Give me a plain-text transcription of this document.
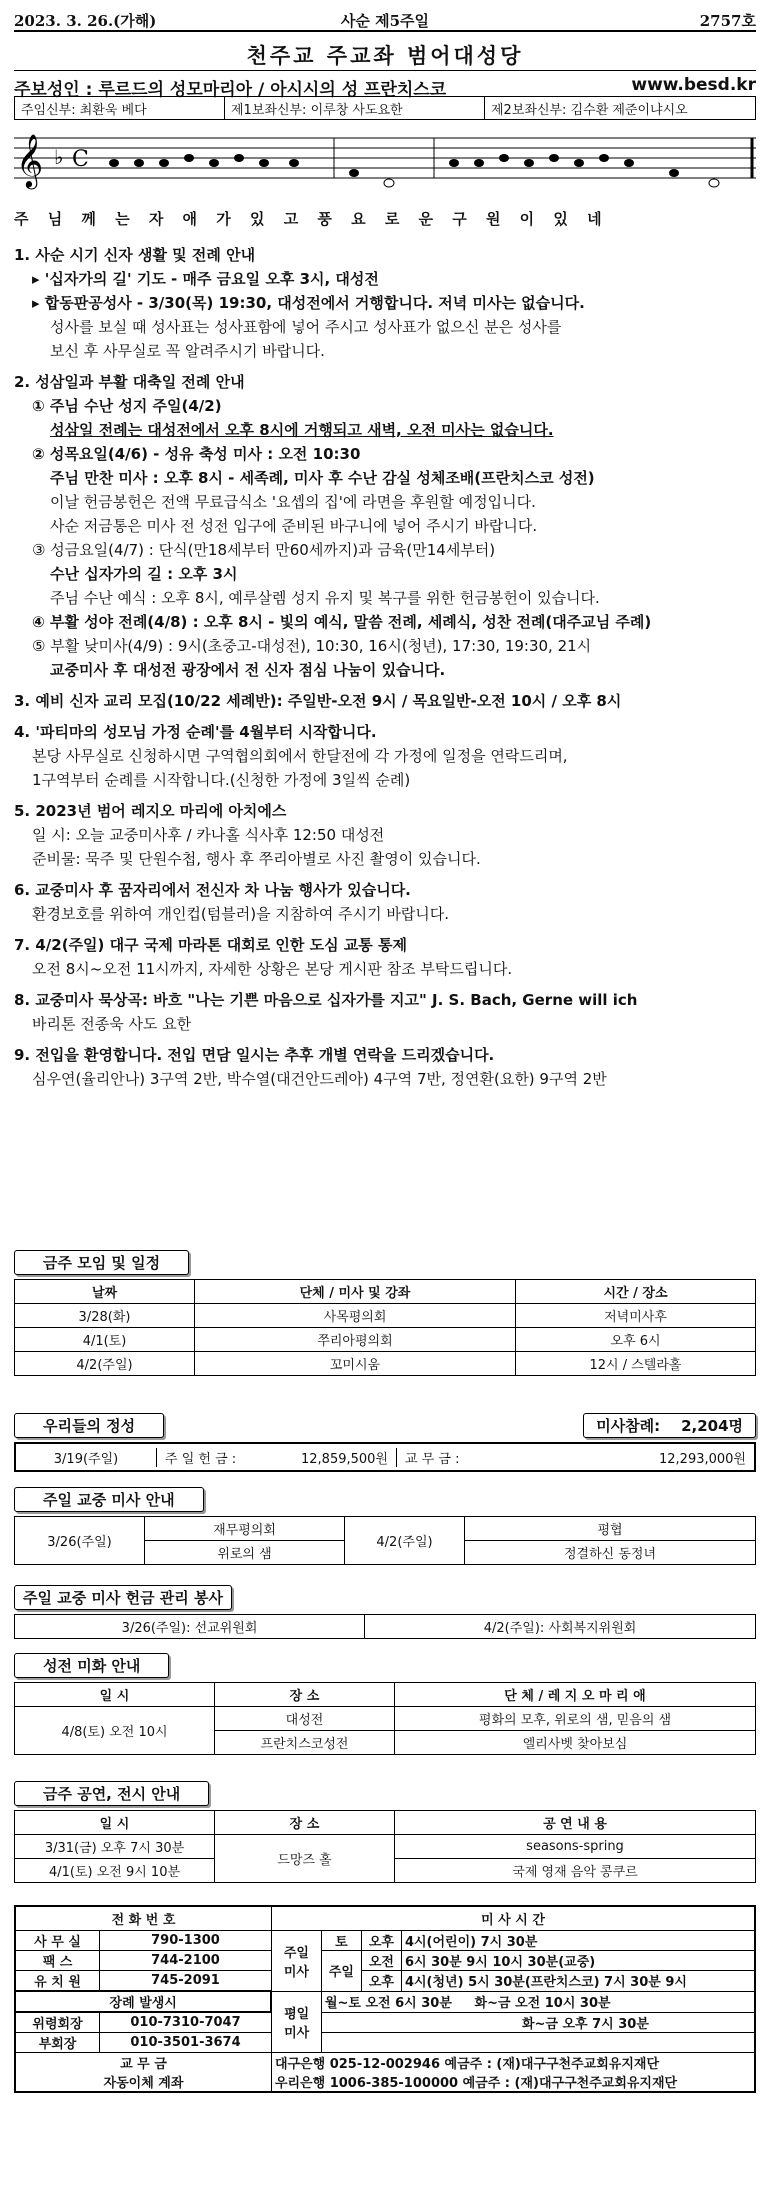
2023. 3. 26.(가해)	사순 제5주일	2757호
천주교 주교좌 범어대성당
주보성인 : 루르드의 성모마리아 / 아시시의 성 프란치스코	www.besd.kr
주임신부: 최환욱 베다	제1보좌신부: 이루창 사도요한	제2보좌신부: 김수환 제준이냐시오
𝄞 ♭ C
주 님 께 는 자 애 가 있 고 풍 요 로 운 구 원 이 있 네
1. 사순 시기 신자 생활 및 전례 안내
▸ '십자가의 길' 기도 - 매주 금요일 오후 3시, 대성전
▸ 합동판공성사 - 3/30(목) 19:30, 대성전에서 거행합니다. 저녁 미사는 없습니다.
성사를 보실 때 성사표는 성사표함에 넣어 주시고 성사표가 없으신 분은 성사를
보신 후 사무실로 꼭 알려주시기 바랍니다.
2. 성삼일과 부활 대축일 전례 안내
① 주님 수난 성지 주일(4/2)
성삼일 전례는 대성전에서 오후 8시에 거행되고 새벽, 오전 미사는 없습니다.
② 성목요일(4/6) - 성유 축성 미사 : 오전 10:30
주님 만찬 미사 : 오후 8시 - 세족례, 미사 후 수난 감실 성체조배(프란치스코 성전)
이날 헌금봉헌은 전액 무료급식소 '요셉의 집'에 라면을 후원할 예정입니다.
사순 저금통은 미사 전 성전 입구에 준비된 바구니에 넣어 주시기 바랍니다.
③ 성금요일(4/7) : 단식(만18세부터 만60세까지)과 금육(만14세부터)
수난 십자가의 길 : 오후 3시
주님 수난 예식 : 오후 8시, 예루살렘 성지 유지 및 복구를 위한 헌금봉헌이 있습니다.
④ 부활 성야 전례(4/8) : 오후 8시 - 빛의 예식, 말씀 전례, 세례식, 성찬 전례(대주교님 주례)
⑤ 부활 낮미사(4/9) : 9시(초중고-대성전), 10:30, 16시(청년), 17:30, 19:30, 21시
교중미사 후 대성전 광장에서 전 신자 점심 나눔이 있습니다.
3. 예비 신자 교리 모집(10/22 세례반): 주일반-오전 9시 / 목요일반-오전 10시 / 오후 8시
4. '파티마의 성모님 가정 순례'를 4월부터 시작합니다.
본당 사무실로 신청하시면 구역협의회에서 한달전에 각 가정에 일정을 연락드리며,
1구역부터 순례를 시작합니다.(신청한 가정에 3일씩 순례)
5. 2023년 범어 레지오 마리에 아치에스
일 시: 오늘 교중미사후 / 카나홀 식사후 12:50 대성전
준비물: 묵주 및 단원수첩, 행사 후 쭈리아별로 사진 촬영이 있습니다.
6. 교중미사 후 꿈자리에서 전신자 차 나눔 행사가 있습니다.
환경보호를 위하여 개인컵(텀블러)을 지참하여 주시기 바랍니다.
7. 4/2(주일) 대구 국제 마라톤 대회로 인한 도심 교통 통제
오전 8시~오전 11시까지, 자세한 상황은 본당 게시판 참조 부탁드립니다.
8. 교중미사 묵상곡: 바흐 "나는 기쁜 마음으로 십자가를 지고" J. S. Bach, Gerne will ich
바리톤 전종욱 사도 요한
9. 전입을 환영합니다. 전입 면담 일시는 추후 개별 연락을 드리겠습니다.
심우연(율리안나) 3구역 2반, 박수열(대건안드레아) 4구역 7반, 정연환(요한) 9구역 2반
금주 모임 및 일정
날짜	단체 / 미사 및 강좌	시간 / 장소
3/28(화)	사목평의회	저녁미사후
4/1(토)	쭈리아평의회	오후 6시
4/2(주일)	꼬미시움	12시 / 스텔라홀
우리들의 정성	미사참례: 2,204명
3/19(주일)	주 일 헌 금 :	12,859,500원	교 무 금 :	12,293,000원
주일 교중 미사 안내
3/26(주일)	재무평의회	4/2(주일)	평협
	위로의 샘		정결하신 동정녀
주일 교중 미사 헌금 관리 봉사
3/26(주일): 선교위원회	4/2(주일): 사회복지위원회
성전 미화 안내
일 시	장 소	단 체 / 레 지 오 마 리 애
4/8(토) 오전 10시	대성전	평화의 모후, 위로의 샘, 믿음의 샘
	프란치스코성전	엘리사벳 찾아보심
금주 공연, 전시 안내
일 시	장 소	공 연 내 용
3/31(금) 오후 7시 30분	드망즈 홀	seasons-spring
4/1(토) 오전 9시 10분		국제 영재 음악 콩쿠르
전 화 번 호		미 사 시 간			
사 무 실	790-1300	주일
미사	토	오후	4시(어린이) 7시 30분
팩 스	744-2100		주일	오전	6시 30분 9시 10시 30분(교중)
유 치 원	745-2091			오후	4시(청년) 5시 30분(프란치스코) 7시 30분 9시
장례 발생시		평일
미사	월~토 오전 6시 30분 화~금 오전 10시 30분		
위령회장	010-7310-7047		화~금 오후 7시 30분		
부회장	010-3501-3674				
교 무 금
자동이체 계좌		대구은행 025-12-002946 예금주 : (재)대구구천주교회유지재단
우리은행 1006-385-100000 예금주 : (재)대구구천주교회유지재단			
